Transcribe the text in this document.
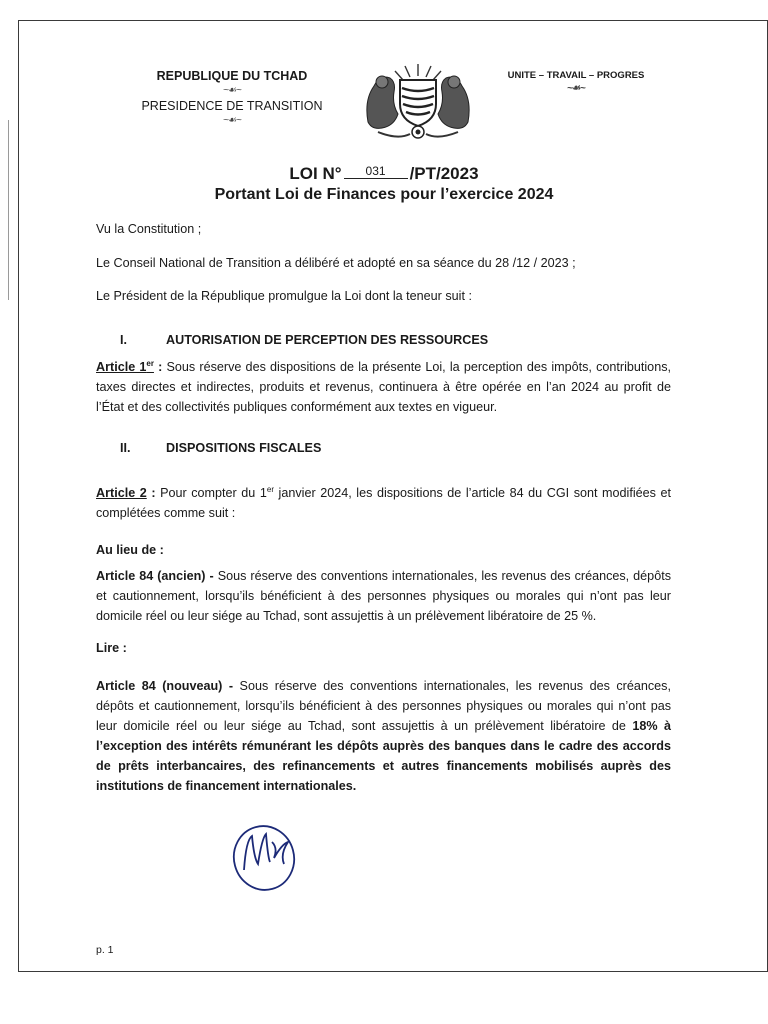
REPUBLIQUE DU TCHAD
~☙~
PRESIDENCE DE TRANSITION
~☙~
UNITE – TRAVAIL – PROGRES
~☙~
LOI N° 031 /PT/2023
Portant Loi de Finances pour l’exercice 2024
Vu la Constitution ;
Le Conseil National de Transition a délibéré et adopté en sa séance du 28 /12 / 2023 ;
Le Président de la République promulgue la Loi dont la teneur suit :
I.	AUTORISATION DE PERCEPTION DES RESSOURCES
Article 1er : Sous réserve des dispositions de la présente Loi, la perception des impôts, contributions, taxes directes et indirectes, produits et revenus, continuera à être opérée en l’an 2024 au profit de l’État et des collectivités publiques conformément aux textes en vigueur.
II.	DISPOSITIONS FISCALES
Article 2 : Pour compter du 1er janvier 2024, les dispositions de l’article 84 du CGI sont modifiées et complétées comme suit :
Au lieu de :
Article 84 (ancien) - Sous réserve des conventions internationales, les revenus des créances, dépôts et cautionnement, lorsqu’ils bénéficient à des personnes physiques ou morales qui n’ont pas leur domicile réel ou leur siége au Tchad, sont assujettis à un prélèvement libératoire de 25 %.
Lire :
Article 84 (nouveau) - Sous réserve des conventions internationales, les revenus des créances, dépôts et cautionnement, lorsqu’ils bénéficient à des personnes physiques ou morales qui n’ont pas leur domicile réel ou leur siége au Tchad, sont assujettis à un prélèvement libératoire de 18% à l’exception des intérêts rémunérant les dépôts auprès des banques dans le cadre des accords de prêts interbancaires, des refinancements et autres financements mobilisés auprès des institutions de financement internationales.
p. 1
